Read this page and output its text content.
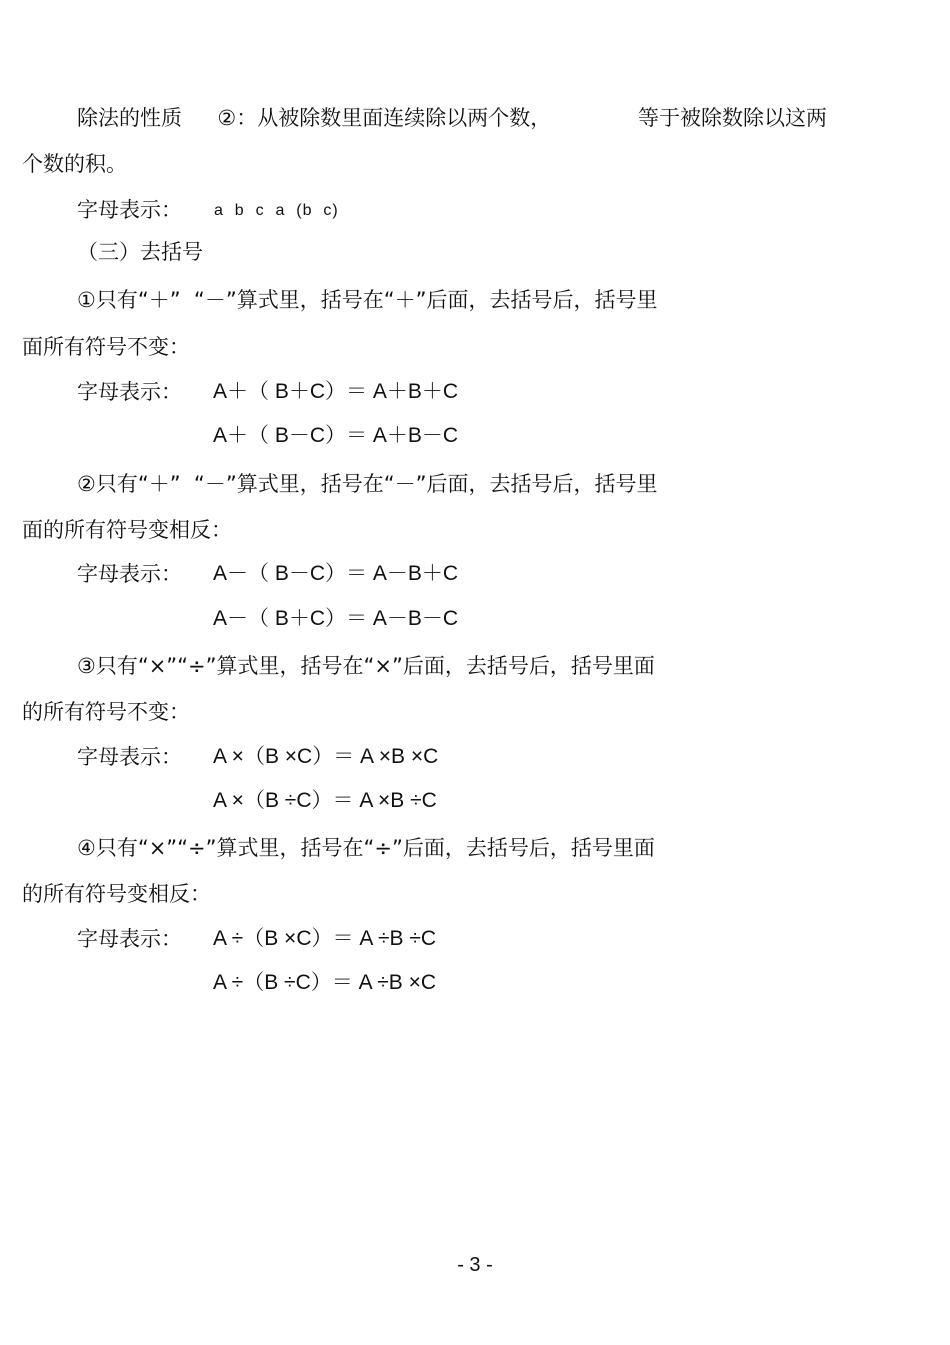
除法的性质 ②：从被除数里面连续除以两个数，	等于被除数除以这两
个数的积。
字母表示： a  b  c  a  (b  c)
（三）去括号
①只有“＋”  “－”算式里，括号在“＋”后面，去括号后，括号里
面所有符号不变：
字母表示： A＋（ B＋C）＝ A＋B＋C
A＋（ B－C）＝ A＋B－C
②只有“＋”  “－”算式里，括号在“－”后面，去括号后，括号里
面的所有符号变相反：
字母表示： A－（ B－C）＝ A－B＋C
A－（ B＋C）＝ A－B－C
③只有“×”“÷”算式里，括号在“×”后面，去括号后，括号里面
的所有符号不变：
字母表示： A ×（B ×C）＝ A ×B ×C
A ×（B ÷C）＝ A ×B ÷C
④只有“×”“÷”算式里，括号在“÷”后面，去括号后，括号里面
的所有符号变相反：
字母表示： A ÷（B ×C）＝ A ÷B ÷C
A ÷（B ÷C）＝ A ÷B ×C
- 3 -
